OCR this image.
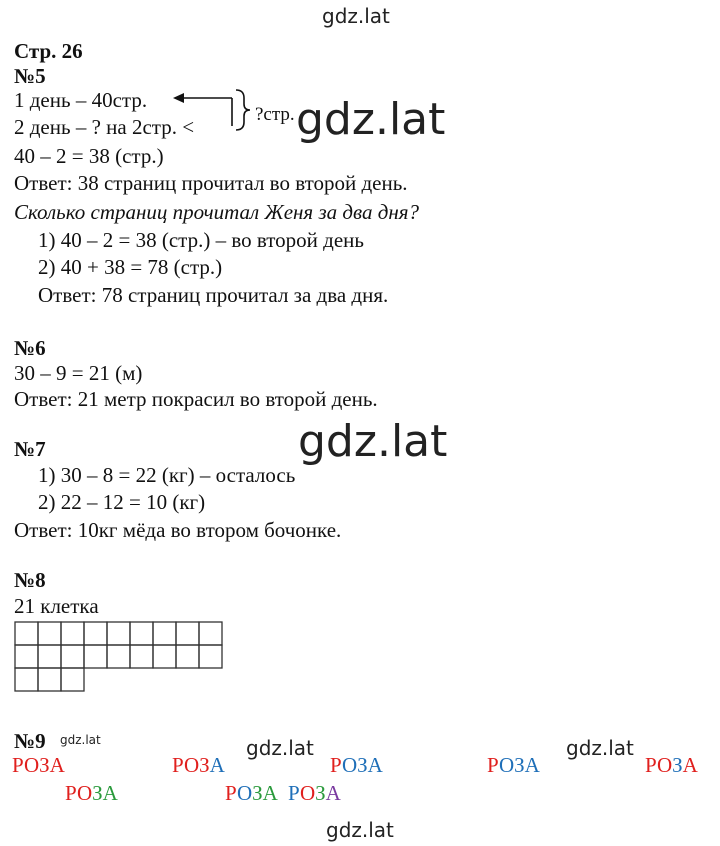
gdz.lat
gdz.lat
gdz.lat
gdz.lat	gdz.lat	gdz.lat
gdz.lat
Стр. 26
№5
1 день – 40стр.
2 день – ? на 2стр. <
?стр.
40 – 2 = 38 (стр.)
Ответ: 38 страниц прочитал во второй день.
Сколько страниц прочитал Женя за два дня?
1) 40 – 2 = 38 (стр.) – во второй день
2) 40 + 38 = 78 (стр.)
Ответ: 78 страниц прочитал за два дня.
№6
30 – 9 = 21 (м)
Ответ: 21 метр покрасил во второй день.
№7
1) 30 – 8 = 22 (кг) – осталось
2) 22 – 12 = 10 (кг)
Ответ: 10кг мёда во втором бочонке.
№8
21 клетка
№9
РОЗА	РОЗА	РОЗА	РОЗА	РОЗА
РОЗА	РОЗА РОЗА
